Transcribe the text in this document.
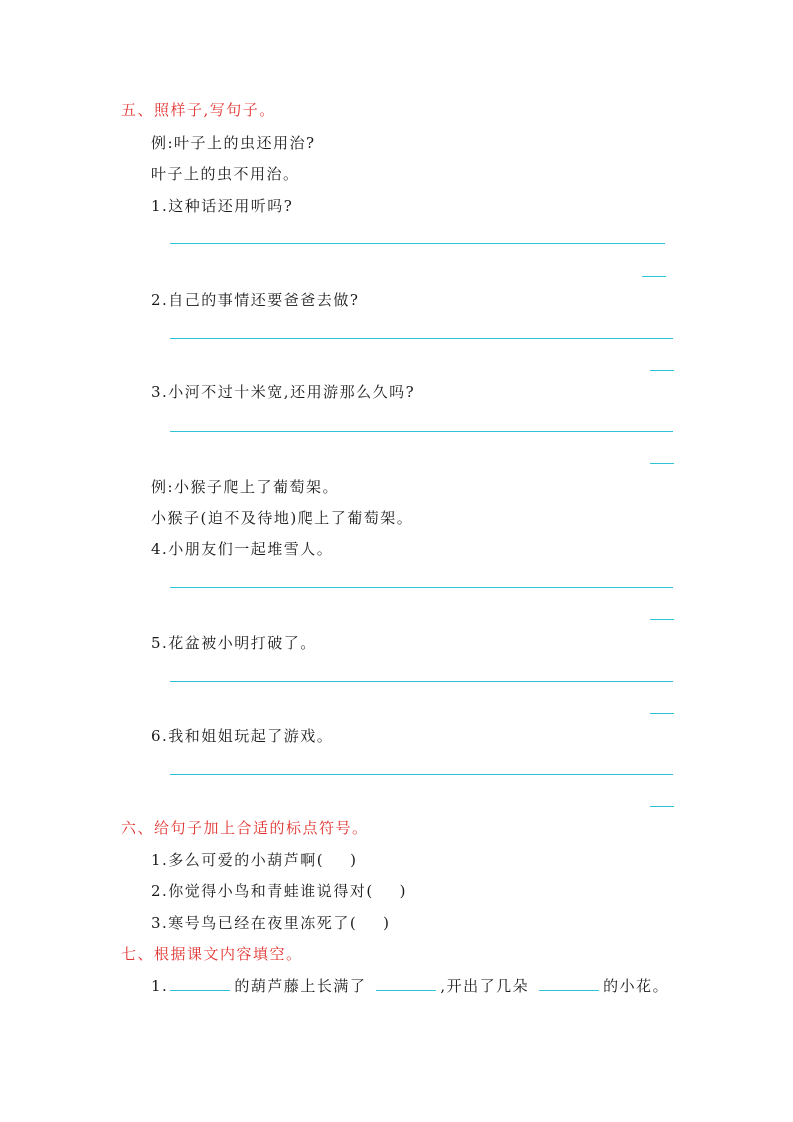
五、照样子,写句子。
例:叶子上的虫还用治?
叶子上的虫不用治。
1.这种话还用听吗?
2.自己的事情还要爸爸去做?
3.小河不过十米宽,还用游那么久吗?
例:小猴子爬上了葡萄架。
小猴子(迫不及待地)爬上了葡萄架。
4.小朋友们一起堆雪人。
5.花盆被小明打破了。
6.我和姐姐玩起了游戏。
六、给句子加上合适的标点符号。
1.多么可爱的小葫芦啊( )
2.你觉得小鸟和青蛙谁说得对( )
3.寒号鸟已经在夜里冻死了( )
七、根据课文内容填空。
1.	的葫芦藤上长满了	,开出了几朵	的小花。
